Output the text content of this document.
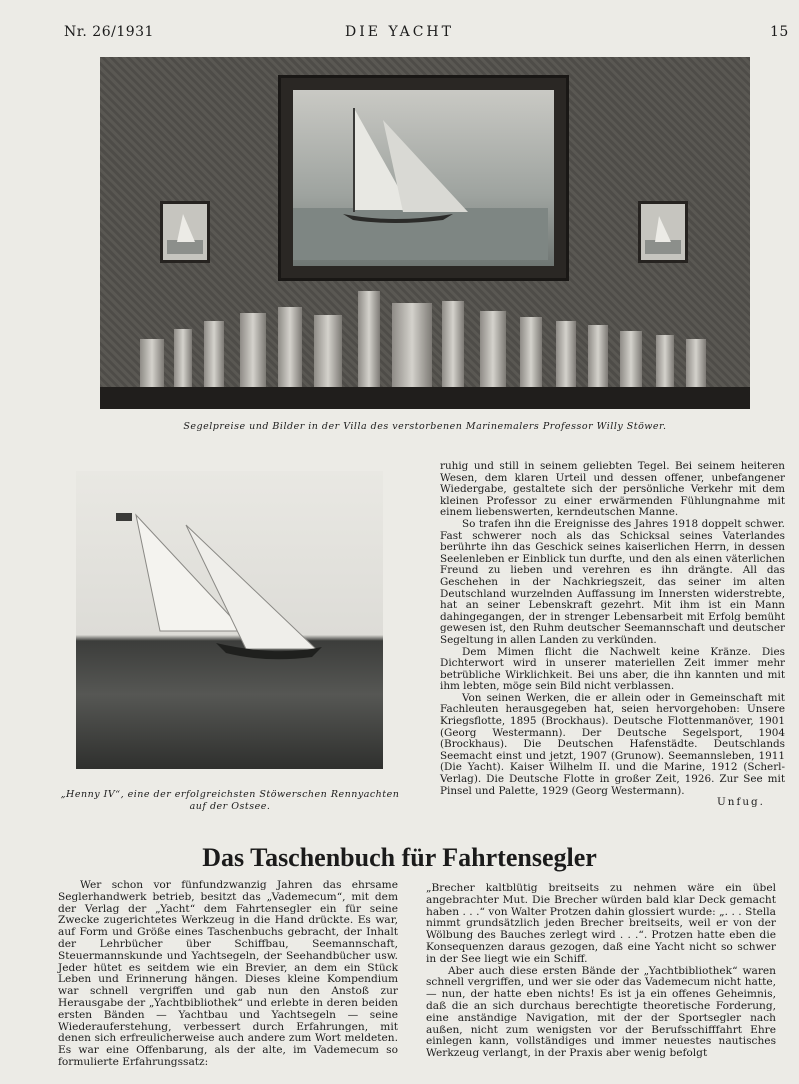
Nr. 26/1931	DIE YACHT	15
Segelpreise und Bilder in der Villa des verstorbenen Marinemalers Professor Willy Stöwer.
„Henny IV“, eine der erfolgreichsten Stöwerschen Rennyachten auf der Ostsee.

ruhig und still in seinem geliebten Tegel. Bei seinem heiteren Wesen, dem klaren Urteil und dessen offener, unbefangener Wiedergabe, gestaltete sich der persönliche Verkehr mit dem kleinen Professor zu einer erwärmenden Fühlungnahme mit einem liebenswerten, kerndeutschen Manne.

So trafen ihn die Ereignisse des Jahres 1918 doppelt schwer. Fast schwerer noch als das Schicksal seines Vaterlandes berührte ihn das Geschick seines kaiserlichen Herrn, in dessen Seelenleben er Einblick tun durfte, und den als einen väterlichen Freund zu lieben und verehren es ihn drängte. All das Geschehen in der Nachkriegszeit, das seiner im alten Deutschland wurzelnden Auffassung im Innersten widerstrebte, hat an seiner Lebenskraft gezehrt. Mit ihm ist ein Mann dahingegangen, der in strenger Lebensarbeit mit Erfolg bemüht gewesen ist, den Ruhm deutscher Seemannschaft und deutscher Segeltung in allen Landen zu verkünden.

Dem Mimen flicht die Nachwelt keine Kränze. Dies Dichterwort wird in unserer materiellen Zeit immer mehr betrübliche Wirklichkeit. Bei uns aber, die ihn kannten und mit ihm lebten, möge sein Bild nicht verblassen.

Von seinen Werken, die er allein oder in Gemeinschaft mit Fachleuten herausgegeben hat, seien hervorgehoben: Unsere Kriegsflotte, 1895 (Brockhaus). Deutsche Flottenmanöver, 1901 (Georg Westermann). Der Deutsche Segelsport, 1904 (Brockhaus). Die Deutschen Hafenstädte. Deutschlands Seemacht einst und jetzt, 1907 (Grunow). Seemannsleben, 1911 (Die Yacht). Kaiser Wilhelm II. und die Marine, 1912 (Scherl-Verlag). Die Deutsche Flotte in großer Zeit, 1926. Zur See mit Pinsel und Palette, 1929 (Georg Westermann).

Unfug.

Das Taschenbuch für Fahrtensegler

Wer schon vor fünfundzwanzig Jahren das ehrsame Seglerhandwerk betrieb, besitzt das „Vademecum“, mit dem der Verlag der „Yacht“ dem Fahrtensegler ein für seine Zwecke zugerichtetes Werkzeug in die Hand drückte. Es war, auf Form und Größe eines Taschenbuchs gebracht, der Inhalt der Lehrbücher über Schiffbau, Seemannschaft, Steuermannskunde und Yachtsegeln, der Seehandbücher usw. Jeder hütet es seitdem wie ein Brevier, an dem ein Stück Leben und Erinnerung hängen. Dieses kleine Kompendium war schnell vergriffen und gab nun den Anstoß zur Herausgabe der „Yachtbibliothek“ und erlebte in deren beiden ersten Bänden — Yachtbau und Yachtsegeln — seine Wiederauferstehung, verbessert durch Erfahrungen, mit denen sich erfreulicherweise auch andere zum Wort meldeten. Es war eine Offenbarung, als der alte, im Vademecum so formulierte Erfahrungssatz:

„Brecher kaltblütig breitseits zu nehmen wäre ein übel angebrachter Mut. Die Brecher würden bald klar Deck gemacht haben . . .“ von Walter Protzen dahin glossiert wurde: „. . . Stella nimmt grundsätzlich jeden Brecher breitseits, weil er von der Wölbung des Bauches zerlegt wird . . .“. Protzen hatte eben die Konsequenzen daraus gezogen, daß eine Yacht nicht so schwer in der See liegt wie ein Schiff.

Aber auch diese ersten Bände der „Yachtbibliothek“ waren schnell vergriffen, und wer sie oder das Vademecum nicht hatte, — nun, der hatte eben nichts! Es ist ja ein offenes Geheimnis, daß die an sich durchaus berechtigte theoretische Forderung, eine anständige Navigation, mit der der Sportsegler nach außen, nicht zum wenigsten vor der Berufsschifffahrt Ehre einlegen kann, vollständiges und immer neuestes nautisches Werkzeug verlangt, in der Praxis aber wenig befolgt
